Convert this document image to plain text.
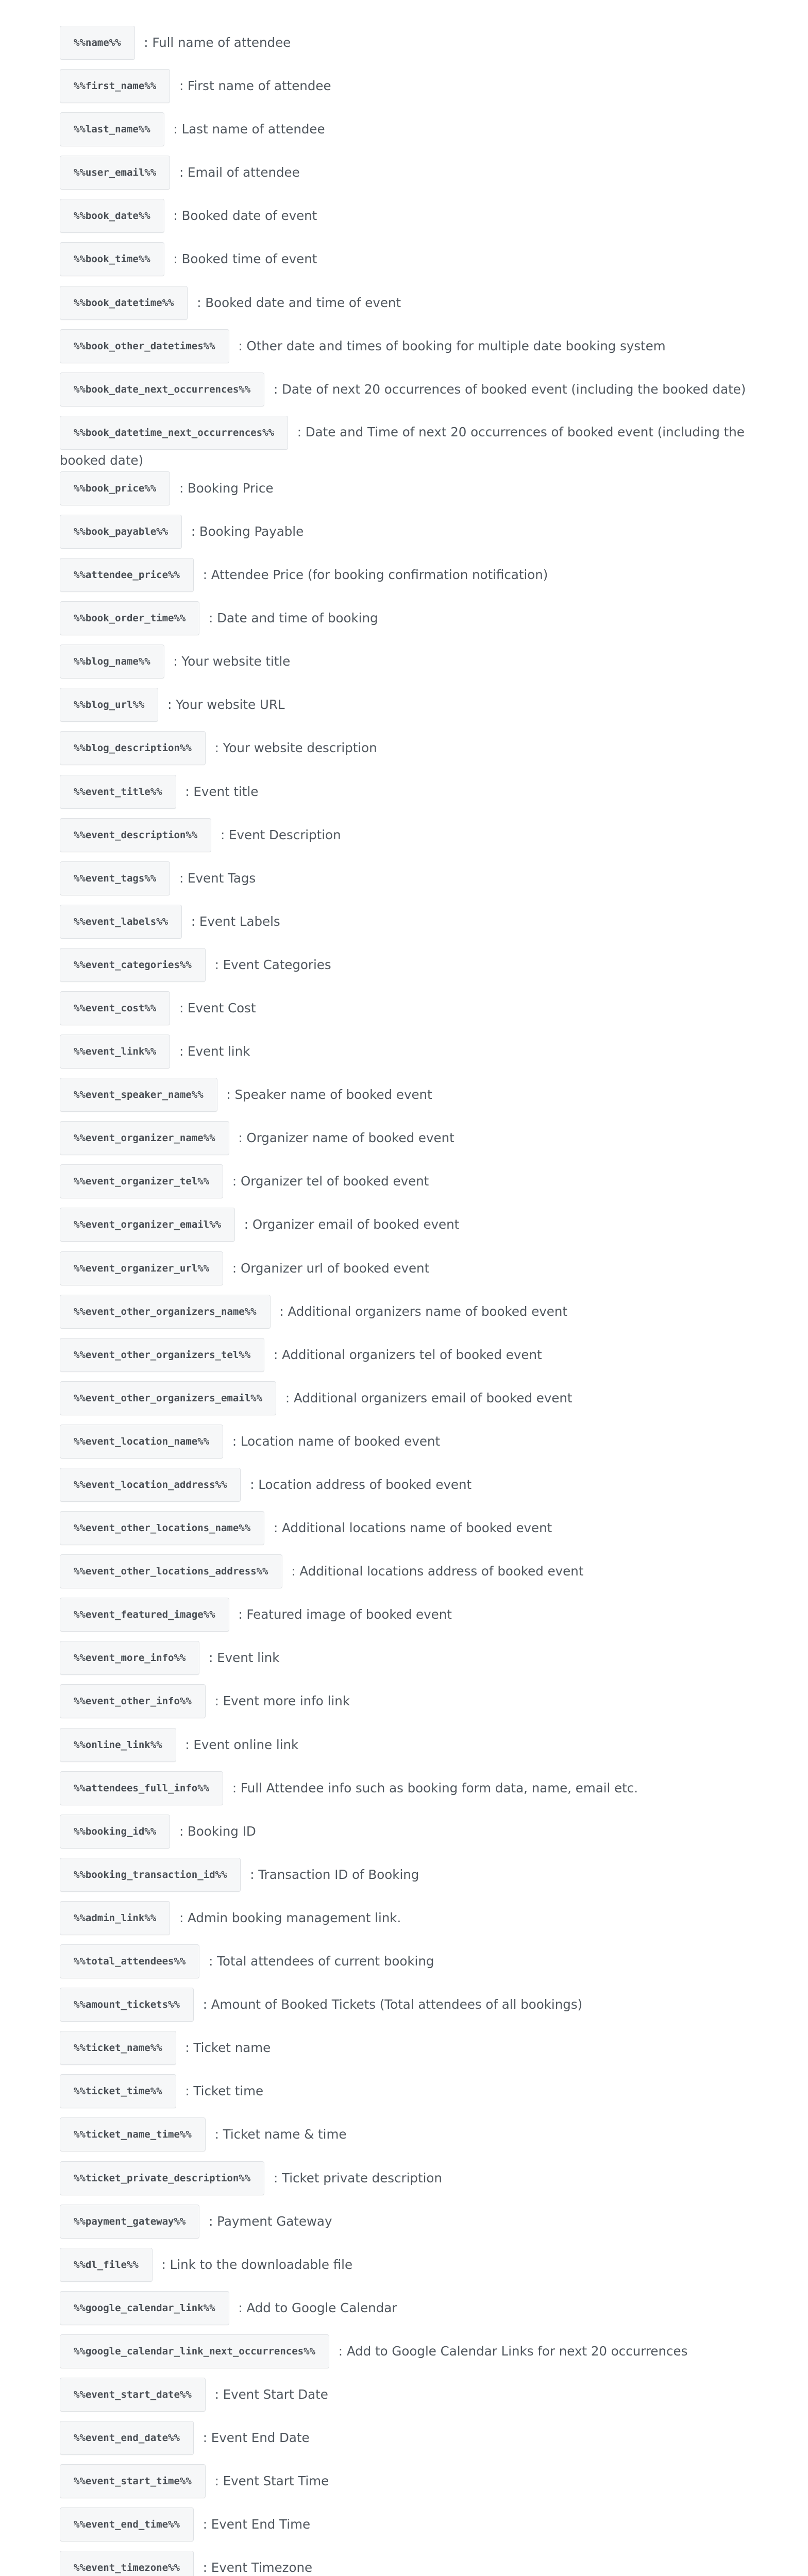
%%name%% : Full name of attendee
%%first_name%% : First name of attendee
%%last_name%% : Last name of attendee
%%user_email%% : Email of attendee
%%book_date%% : Booked date of event
%%book_time%% : Booked time of event
%%book_datetime%% : Booked date and time of event
%%book_other_datetimes%% : Other date and times of booking for multiple date booking system
%%book_date_next_occurrences%% : Date of next 20 occurrences of booked event (including the booked date)
%%book_datetime_next_occurrences%% : Date and Time of next 20 occurrences of booked event (including the booked date)
%%book_price%% : Booking Price
%%book_payable%% : Booking Payable
%%attendee_price%% : Attendee Price (for booking confirmation notification)
%%book_order_time%% : Date and time of booking
%%blog_name%% : Your website title
%%blog_url%% : Your website URL
%%blog_description%% : Your website description
%%event_title%% : Event title
%%event_description%% : Event Description
%%event_tags%% : Event Tags
%%event_labels%% : Event Labels
%%event_categories%% : Event Categories
%%event_cost%% : Event Cost
%%event_link%% : Event link
%%event_speaker_name%% : Speaker name of booked event
%%event_organizer_name%% : Organizer name of booked event
%%event_organizer_tel%% : Organizer tel of booked event
%%event_organizer_email%% : Organizer email of booked event
%%event_organizer_url%% : Organizer url of booked event
%%event_other_organizers_name%% : Additional organizers name of booked event
%%event_other_organizers_tel%% : Additional organizers tel of booked event
%%event_other_organizers_email%% : Additional organizers email of booked event
%%event_location_name%% : Location name of booked event
%%event_location_address%% : Location address of booked event
%%event_other_locations_name%% : Additional locations name of booked event
%%event_other_locations_address%% : Additional locations address of booked event
%%event_featured_image%% : Featured image of booked event
%%event_more_info%% : Event link
%%event_other_info%% : Event more info link
%%online_link%% : Event online link
%%attendees_full_info%% : Full Attendee info such as booking form data, name, email etc.
%%booking_id%% : Booking ID
%%booking_transaction_id%% : Transaction ID of Booking
%%admin_link%% : Admin booking management link.
%%total_attendees%% : Total attendees of current booking
%%amount_tickets%% : Amount of Booked Tickets (Total attendees of all bookings)
%%ticket_name%% : Ticket name
%%ticket_time%% : Ticket time
%%ticket_name_time%% : Ticket name & time
%%ticket_private_description%% : Ticket private description
%%payment_gateway%% : Payment Gateway
%%dl_file%% : Link to the downloadable file
%%google_calendar_link%% : Add to Google Calendar
%%google_calendar_link_next_occurrences%% : Add to Google Calendar Links for next 20 occurrences
%%event_start_date%% : Event Start Date
%%event_end_date%% : Event End Date
%%event_start_time%% : Event Start Time
%%event_end_time%% : Event End Time
%%event_timezone%% : Event Timezone
